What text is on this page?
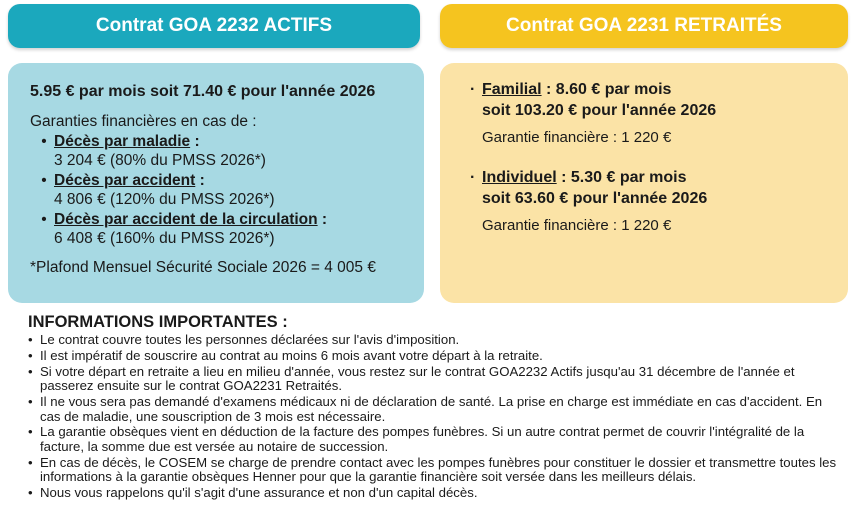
Contrat GOA 2232 ACTIFS	Contrat GOA 2231 RETRAITÉS
5.95 € par mois soit 71.40 € pour l'année 2026
Garanties financières en cas de :
• Décès par maladie :
3 204 € (80% du PMSS 2026*)
• Décès par accident :
4 806 € (120% du PMSS 2026*)
• Décès par accident de la circulation :
6 408 € (160% du PMSS 2026*)
*Plafond Mensuel Sécurité Sociale 2026 = 4 005 €
· Familial : 8.60 € par mois
soit 103.20 € pour l'année 2026
Garantie financière : 1 220 €
· Individuel : 5.30 € par mois
soit 63.60 € pour l'année 2026
Garantie financière : 1 220 €
INFORMATIONS IMPORTANTES :
• Le contrat couvre toutes les personnes déclarées sur l'avis d'imposition.
• Il est impératif de souscrire au contrat au moins 6 mois avant votre départ à la retraite.
• Si votre départ en retraite a lieu en milieu d'année, vous restez sur le contrat GOA2232 Actifs jusqu'au 31 décembre de l'année et passerez ensuite sur le contrat GOA2231 Retraités.
• Il ne vous sera pas demandé d'examens médicaux ni de déclaration de santé. La prise en charge est immédiate en cas d'accident. En cas de maladie, une souscription de 3 mois est nécessaire.
• La garantie obsèques vient en déduction de la facture des pompes funèbres. Si un autre contrat permet de couvrir l'intégralité de la facture, la somme due est versée au notaire de succession.
• En cas de décès, le COSEM se charge de prendre contact avec les pompes funèbres pour constituer le dossier et transmettre toutes les informations à la garantie obsèques Henner pour que la garantie financière soit versée dans les meilleurs délais.
• Nous vous rappelons qu'il s'agit d'une assurance et non d'un capital décès.
